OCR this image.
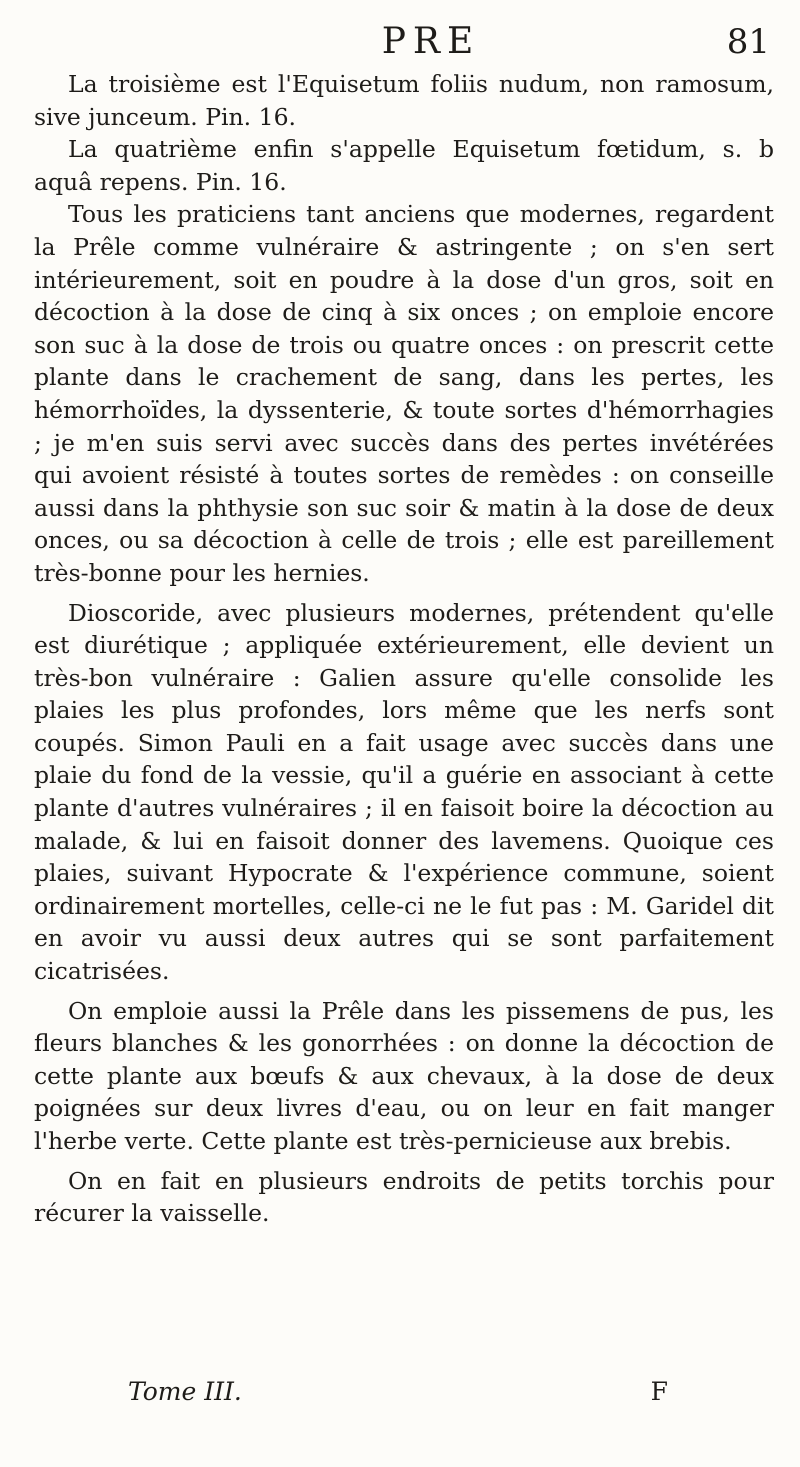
PRE	81

La troisième est l'Equisetum foliis nudum, non ramosum, sive junceum. Pin. 16.

La quatrième enfin s'appelle Equisetum fœtidum, s. b aquâ repens. Pin. 16.

Tous les praticiens tant anciens que modernes, regardent la Prêle comme vulnéraire & astringente ; on s'en sert intérieurement, soit en poudre à la dose d'un gros, soit en décoction à la dose de cinq à six onces ; on emploie encore son suc à la dose de trois ou quatre onces : on prescrit cette plante dans le crachement de sang, dans les pertes, les hémorrhoïdes, la dyssenterie, & toute sortes d'hémorrhagies ; je m'en suis servi avec succès dans des pertes invétérées qui avoient résisté à toutes sortes de remèdes : on conseille aussi dans la phthysie son suc soir & matin à la dose de deux onces, ou sa décoction à celle de trois ; elle est pareillement très-bonne pour les hernies.

Dioscoride, avec plusieurs modernes, prétendent qu'elle est diurétique ; appliquée extérieurement, elle devient un très-bon vulnéraire : Galien assure qu'elle consolide les plaies les plus profondes, lors même que les nerfs sont coupés. Simon Pauli en a fait usage avec succès dans une plaie du fond de la vessie, qu'il a guérie en associant à cette plante d'autres vulnéraires ; il en faisoit boire la décoction au malade, & lui en faisoit donner des lavemens. Quoique ces plaies, suivant Hypocrate & l'expérience commune, soient ordinairement mortelles, celle-ci ne le fut pas : M. Garidel dit en avoir vu aussi deux autres qui se sont parfaitement cicatrisées.

On emploie aussi la Prêle dans les pissemens de pus, les fleurs blanches & les gonorrhées : on donne la décoction de cette plante aux bœufs & aux chevaux, à la dose de deux poignées sur deux livres d'eau, ou on leur en fait manger l'herbe verte. Cette plante est très-pernicieuse aux brebis.

On en fait en plusieurs endroits de petits torchis pour récurer la vaisselle.

Tome III.	F
